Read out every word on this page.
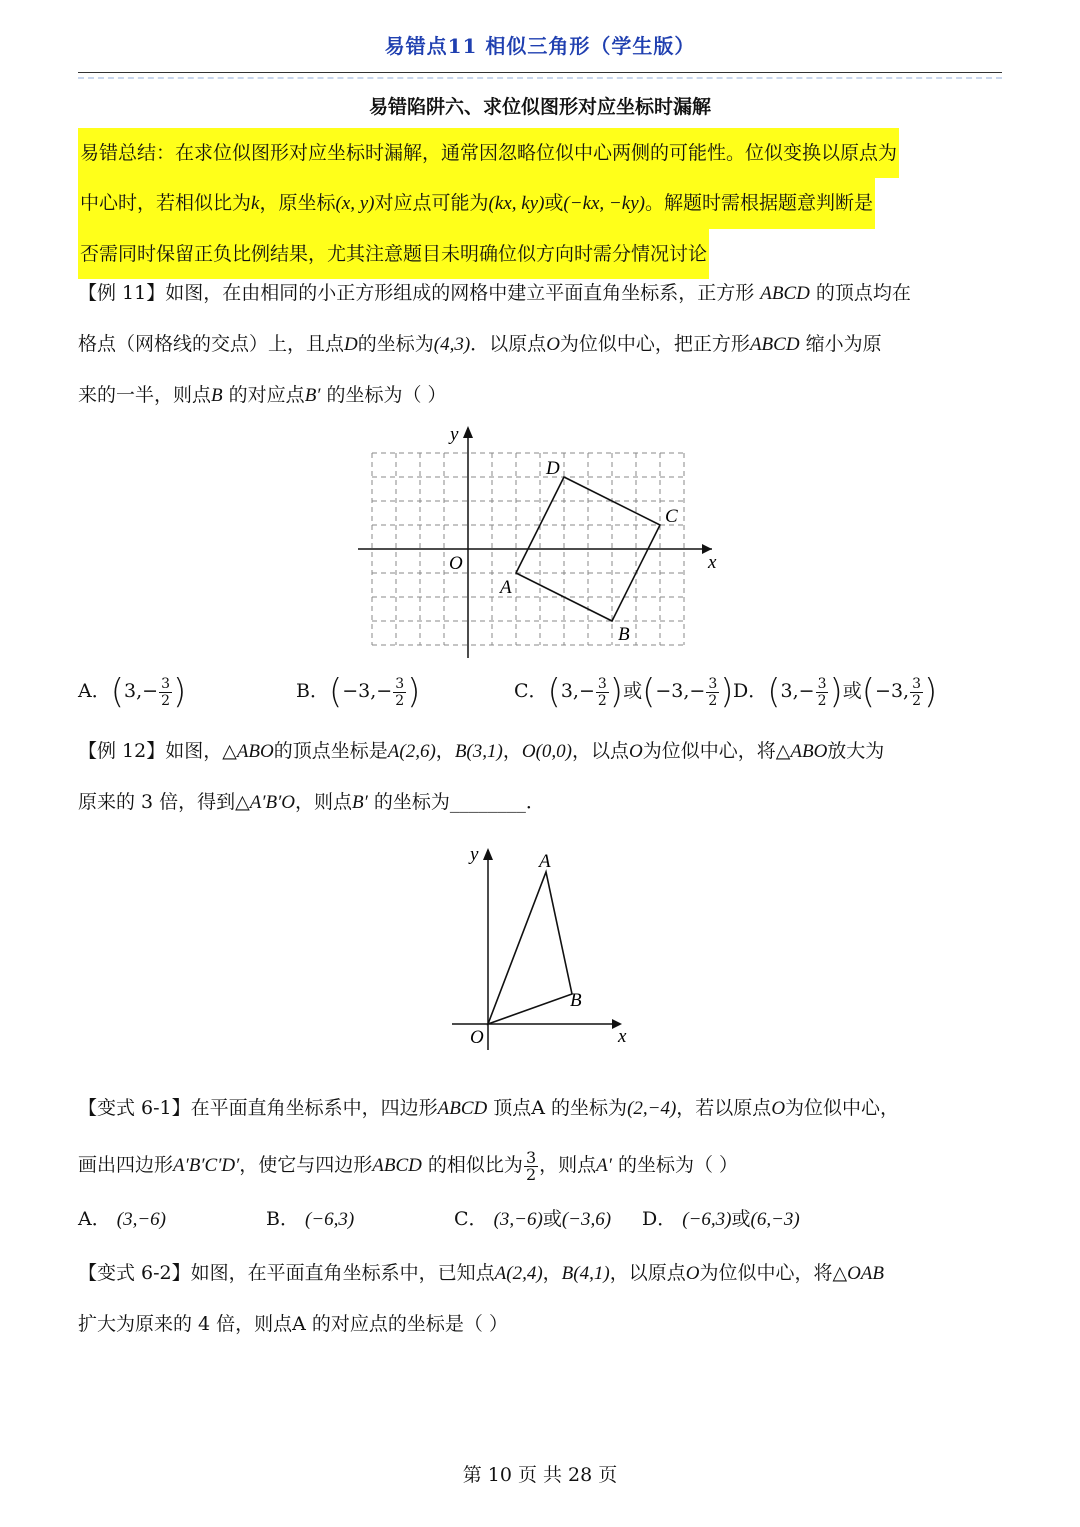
易错点11 相似三角形（学生版）
易错陷阱六、求位似图形对应坐标时漏解
易错总结：在求位似图形对应坐标时漏解，通常因忽略位似中心两侧的可能性。位似变换以原点为
中心时，若相似比为k，原坐标(x, y)对应点可能为(kx, ky)或(−kx, −ky)。解题时需根据题意判断是
否需同时保留正负比例结果，尤其注意题目未明确位似方向时需分情况讨论
【例 11】如图，在由相同的小正方形组成的网格中建立平面直角坐标系，正方形 ABCD 的顶点均在
格点（网格线的交点）上，且点D的坐标为(4,3)．以原点O为位似中心，把正方形ABCD 缩小为原
来的一半，则点B 的对应点B′ 的坐标为（ ）
y
x
O
A
B
C
D
A．($3,- \frac{3}{2}$ )	B．($-3,- \frac{3}{2}$ )	C．($3,- \frac{3}{2}$ )或($-3,- \frac{3}{2}$ ) D．($3,- \frac{3}{2}$ )或(−3, $\frac{3}{2}$ )
【例 12】如图，△ABO的顶点坐标是A(2,6)，B(3,1)，O(0,0)，以点O为位似中心，将△ABO放大为
原来的 3 倍，得到△A′B′O，则点B′ 的坐标为________．
y
x
O
A
B
【变式 6-1】在平面直角坐标系中，四边形ABCD 顶点A 的坐标为(2,−4)，若以原点O为位似中心，
画出四边形A′B′C′D′，使它与四边形ABCD 的相似比为 $\frac{3}{2}$ ，则点A′ 的坐标为（ ）
A． (3,−6)	B． (−6,3)	C． (3,−6)或(−3,6) D． (−6,3)或(6,−3)
【变式 6-2】如图，在平面直角坐标系中，已知点A(2,4)，B(4,1)，以原点O为位似中心，将△OAB
扩大为原来的 4 倍，则点A 的对应点的坐标是（ ）
第 10 页 共 28 页
